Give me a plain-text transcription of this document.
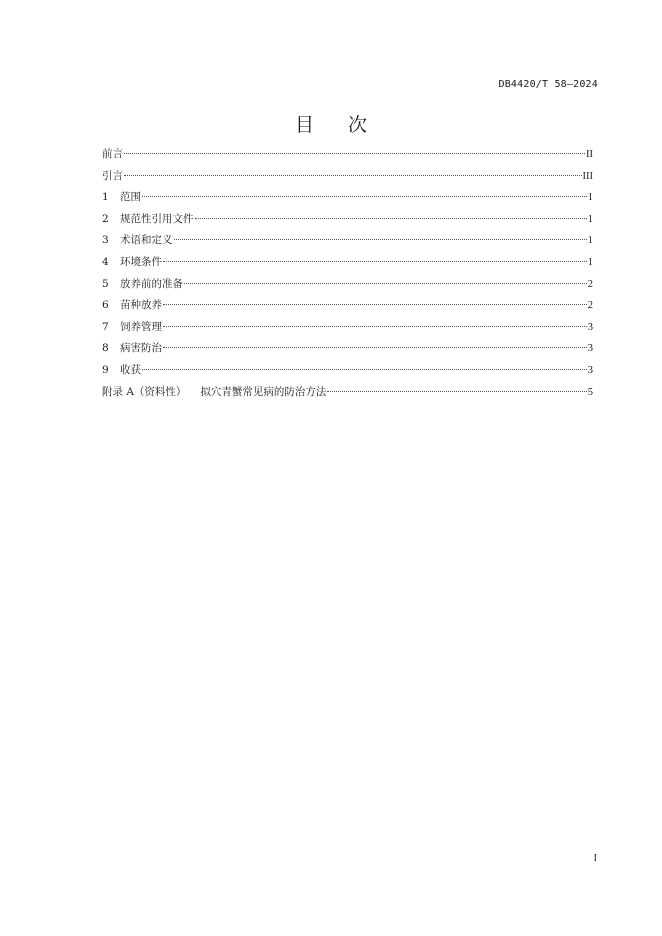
DB4420/T 58—2024
目 次
前言	II
引言	III
1	范围	1
2	规范性引用文件	1
3	术语和定义	1
4	环境条件	1
5	放养前的准备	2
6	苗种放养	2
7	饲养管理	3
8	病害防治	3
9	收获	3
附录 A（资料性） 拟穴青蟹常见病的防治方法	5
I
